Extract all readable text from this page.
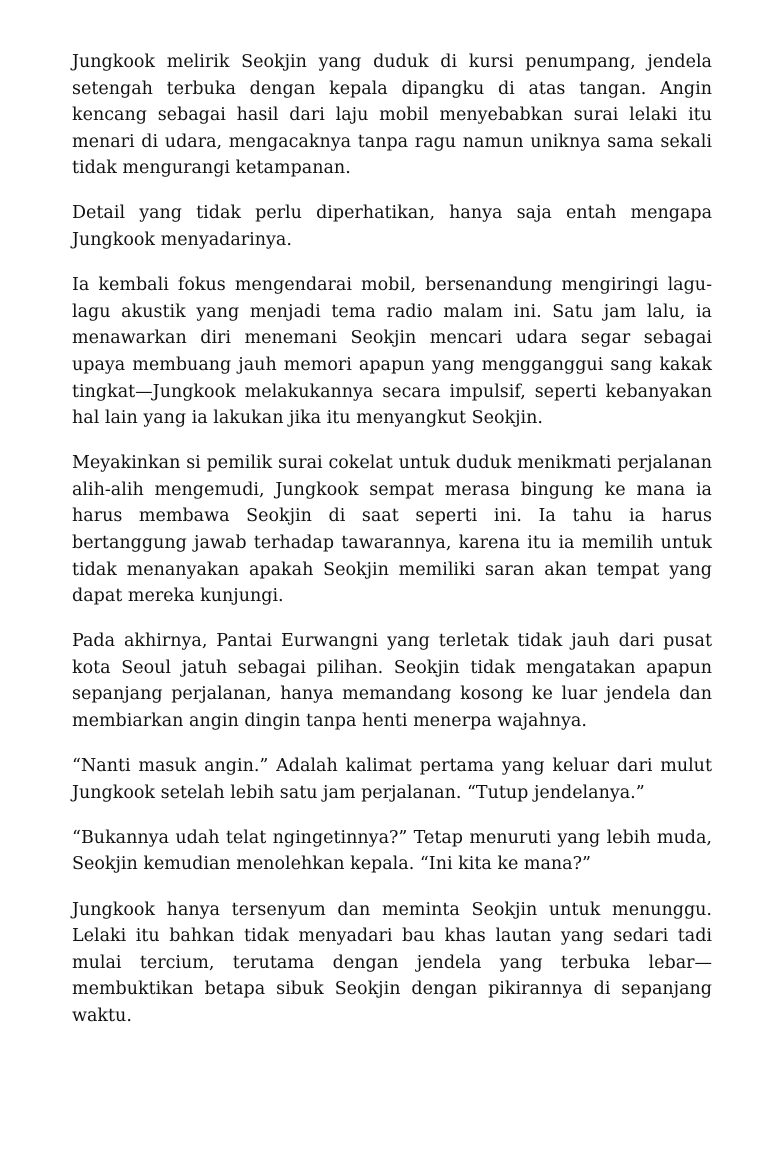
Jungkook melirik Seokjin yang duduk di kursi penumpang, jendela setengah terbuka dengan kepala dipangku di atas tangan. Angin kencang sebagai hasil dari laju mobil menyebabkan surai lelaki itu menari di udara, mengacaknya tanpa ragu namun uniknya sama sekali tidak mengurangi ketampanan.

Detail yang tidak perlu diperhatikan, hanya saja entah mengapa Jungkook menyadarinya.

Ia kembali fokus mengendarai mobil, bersenandung mengiringi lagu-lagu akustik yang menjadi tema radio malam ini. Satu jam lalu, ia menawarkan diri menemani Seokjin mencari udara segar sebagai upaya membuang jauh memori apapun yang mengganggui sang kakak tingkat—Jungkook melakukannya secara impulsif, seperti kebanyakan hal lain yang ia lakukan jika itu menyangkut Seokjin.

Meyakinkan si pemilik surai cokelat untuk duduk menikmati perjalanan alih-alih mengemudi, Jungkook sempat merasa bingung ke mana ia harus membawa Seokjin di saat seperti ini. Ia tahu ia harus bertanggung jawab terhadap tawarannya, karena itu ia memilih untuk tidak menanyakan apakah Seokjin memiliki saran akan tempat yang dapat mereka kunjungi.

Pada akhirnya, Pantai Eurwangni yang terletak tidak jauh dari pusat kota Seoul jatuh sebagai pilihan. Seokjin tidak mengatakan apapun sepanjang perjalanan, hanya memandang kosong ke luar jendela dan membiarkan angin dingin tanpa henti menerpa wajahnya.

“Nanti masuk angin.” Adalah kalimat pertama yang keluar dari mulut Jungkook setelah lebih satu jam perjalanan. “Tutup jendelanya.”

“Bukannya udah telat ngingetinnya?” Tetap menuruti yang lebih muda, Seokjin kemudian menolehkan kepala. “Ini kita ke mana?”

Jungkook hanya tersenyum dan meminta Seokjin untuk menunggu. Lelaki itu bahkan tidak menyadari bau khas lautan yang sedari tadi mulai tercium, terutama dengan jendela yang terbuka lebar—membuktikan betapa sibuk Seokjin dengan pikirannya di sepanjang waktu.
